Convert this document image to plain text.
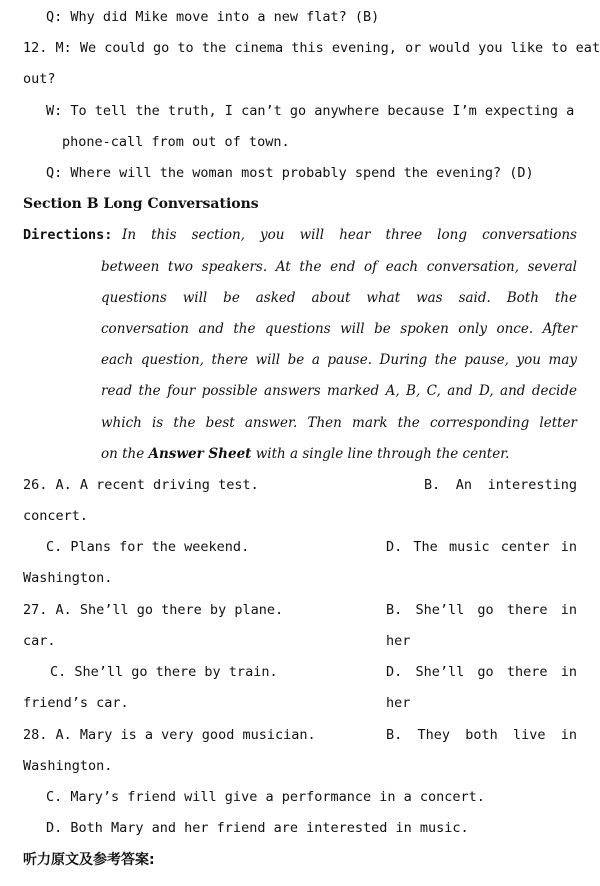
Q: Why did Mike move into a new flat? (B)
12. M: We could go to the cinema this evening, or would you like to eat
out?
W: To tell the truth, I can’t go anywhere because I’m expecting a
phone-call from out of town.
Q: Where will the woman most probably spend the evening? (D)
Section B Long Conversations
Directions: In this section, you will hear three long conversations
between two speakers. At the end of each conversation, several
questions will be asked about what was said. Both the
conversation and the questions will be spoken only once. After
each question, there will be a pause. During the pause, you may
read the four possible answers marked A, B, C, and D, and decide
which is the best answer. Then mark the corresponding letter
on the Answer Sheet with a single line through the center.
26. A. A recent driving test.	B. An interesting
concert.
C. Plans for the weekend.	D. The music center in
Washington.
27. A. She’ll go there by plane.	B. She’ll go there in her
car.
C. She’ll go there by train.	D. She’ll go there in her
friend’s car.
28. A. Mary is a very good musician.	B. They both live in
Washington.
C. Mary’s friend will give a performance in a concert.
D. Both Mary and her friend are interested in music.
听力原文及参考答案:
